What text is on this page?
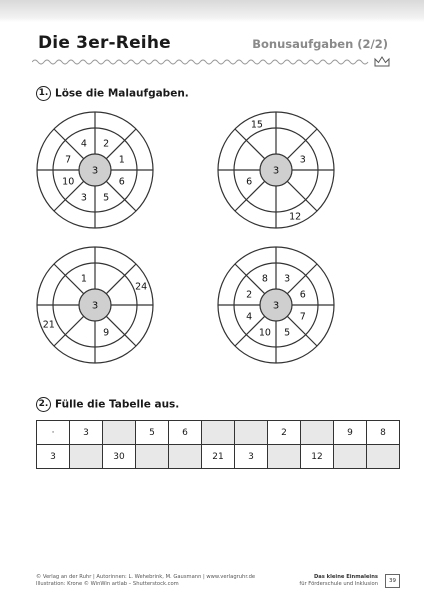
Die 3er-Reihe	Bonusaufgaben (2/2)
1. Löse die Malaufgaben.
3
2
1
6
5
3
10
7
4
3
3
6
12
15
3
9
1
24
21
3
3
6
7
5
10
4
2
8
2. Fülle die Tabelle aus.
·	3		5	6			2		9	8
3		30			21	3		12		
© Verlag an der Ruhr | Autorinnen: L. Wehebrink, M. Gausmann | www.verlagruhr.de
Illustration: Krone © WinWin artlab – Shutterstock.com
Das kleine Einmaleins
für Förderschule und Inklusion	39
